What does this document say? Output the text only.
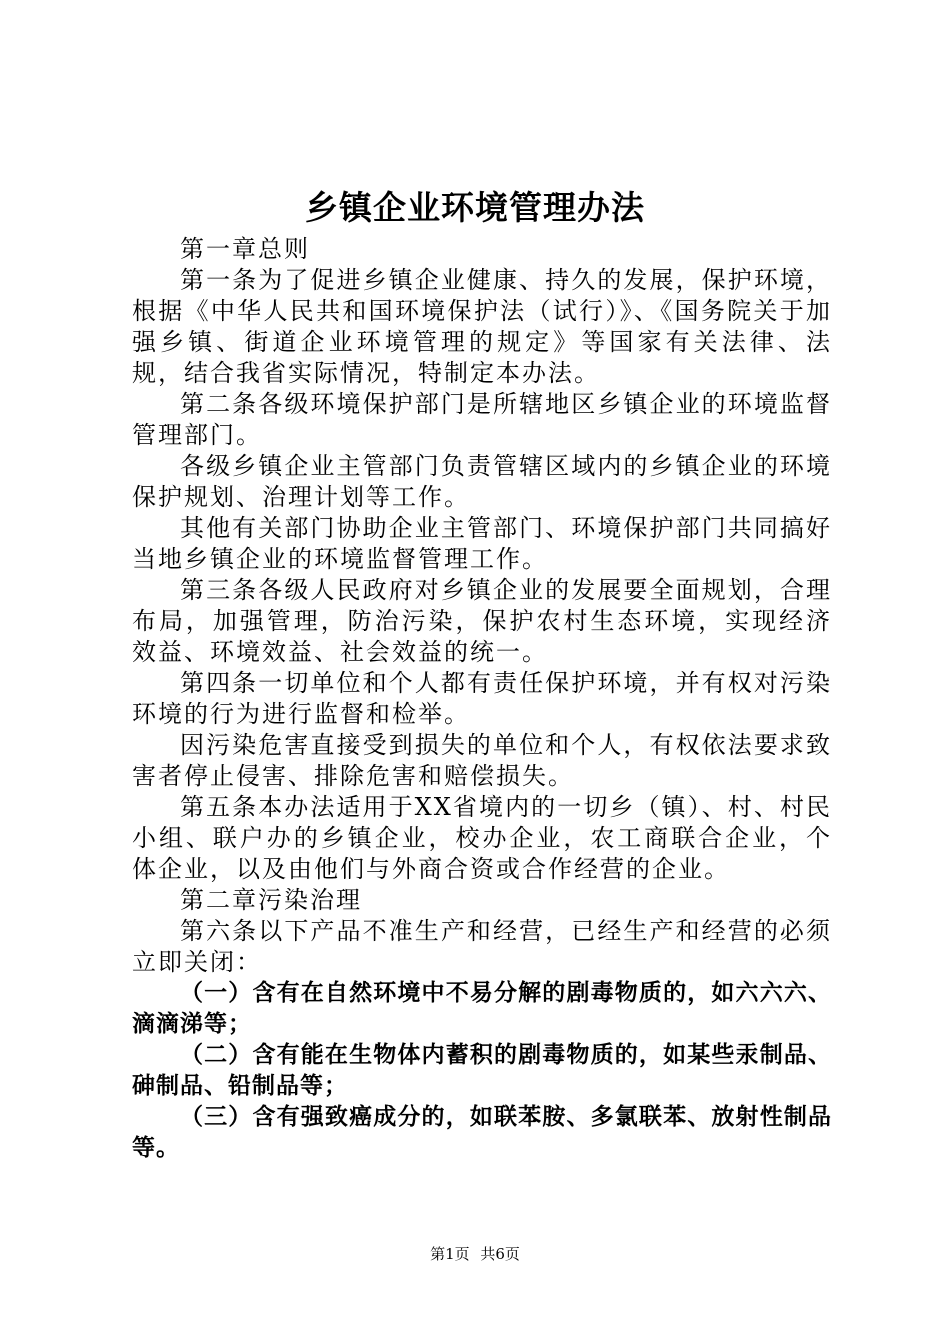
乡镇企业环境管理办法

第一章总则

第一条为了促进乡镇企业健康、持久的发展，保护环境，根据《中华人民共和国环境保护法（试行）》、《国务院关于加强乡镇、街道企业环境管理的规定》等国家有关法律、法规，结合我省实际情况，特制定本办法。

第二条各级环境保护部门是所辖地区乡镇企业的环境监督管理部门。

各级乡镇企业主管部门负责管辖区域内的乡镇企业的环境保护规划、治理计划等工作。

其他有关部门协助企业主管部门、环境保护部门共同搞好当地乡镇企业的环境监督管理工作。

第三条各级人民政府对乡镇企业的发展要全面规划，合理布局，加强管理，防治污染，保护农村生态环境，实现经济效益、环境效益、社会效益的统一。

第四条一切单位和个人都有责任保护环境，并有权对污染环境的行为进行监督和检举。

因污染危害直接受到损失的单位和个人，有权依法要求致害者停止侵害、排除危害和赔偿损失。

第五条本办法适用于XX省境内的一切乡（镇）、村、村民小组、联户办的乡镇企业，校办企业，农工商联合企业，个体企业，以及由他们与外商合资或合作经营的企业。

第二章污染治理

第六条以下产品不准生产和经营，已经生产和经营的必须立即关闭：

（一）含有在自然环境中不易分解的剧毒物质的，如六六六、滴滴涕等；

（二）含有能在生物体内蓄积的剧毒物质的，如某些汞制品、砷制品、铅制品等；

（三）含有强致癌成分的，如联苯胺、多氯联苯、放射性制品等。

第1页 共6页
